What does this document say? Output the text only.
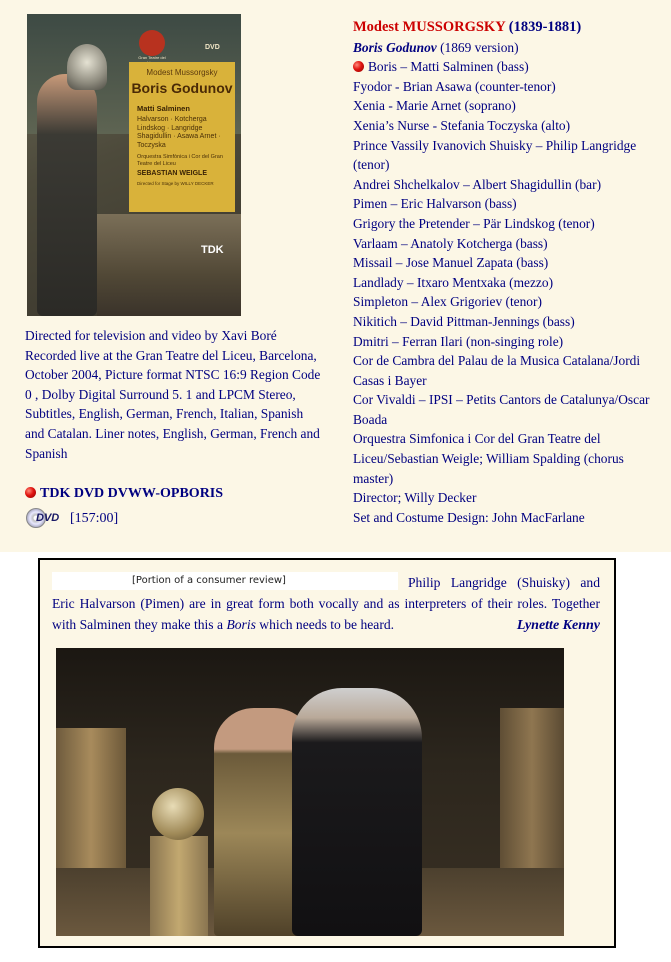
Gran Teatre del
DVD
Modest Mussorgsky
Boris Godunov
Matti Salminen
Halvarson · Kotcherga Lindskog · Langridge Shagidullin · Asawa Arnet · Toczyska
Orquestra Simfònica i Cor del Gran Teatre del Liceu
SEBASTIAN WEIGLE
Directed for Stage by WILLY DECKER
TDK
Directed for television and video by Xavi Boré Recorded live at the Gran Teatre del Liceu, Barcelona, October 2004, Picture format NTSC 16:9 Region Code 0 , Dolby Digital Surround 5. 1 and LPCM Stereo, Subtitles, English, German, French, Italian, Spanish and Catalan. Liner notes, English, German, French and Spanish
TDK DVD DVWW-OPBORIS
DVD [157:00]
Modest MUSSORGSKY (1839-1881)
Boris Godunov (1869 version)
Boris – Matti Salminen (bass)
Fyodor - Brian Asawa (counter-tenor)
Xenia - Marie Arnet (soprano)
Xenia’s Nurse - Stefania Toczyska (alto)
Prince Vassily Ivanovich Shuisky – Philip Langridge (tenor)
Andrei Shchelkalov – Albert Shagidullin (bar)
Pimen – Eric Halvarson (bass)
Grigory the Pretender – Pär Lindskog (tenor)
Varlaam – Anatoly Kotcherga (bass)
Missail – Jose Manuel Zapata (bass)
Landlady – Itxaro Mentxaka (mezzo)
Simpleton – Alex Grigoriev (tenor)
Nikitich – David Pittman-Jennings (bass)
Dmitri – Ferran Ilari (non-singing role)
Cor de Cambra del Palau de la Musica Catalana/Jordi Casas i Bayer
Cor Vivaldi – IPSI – Petits Cantors de Catalunya/Oscar Boada
Orquestra Simfonica i Cor del Gran Teatre del Liceu/Sebastian Weigle; William Spalding (chorus master)
Director; Willy Decker
Set and Costume Design: John MacFarlane
[Portion of a consumer review]	Philip Langridge (Shuisky) and Eric Halvarson (Pimen) are in great form both vocally and as interpreters of their roles. Together with Salminen they make this a Boris which needs to be heard.	Lynette Kenny
